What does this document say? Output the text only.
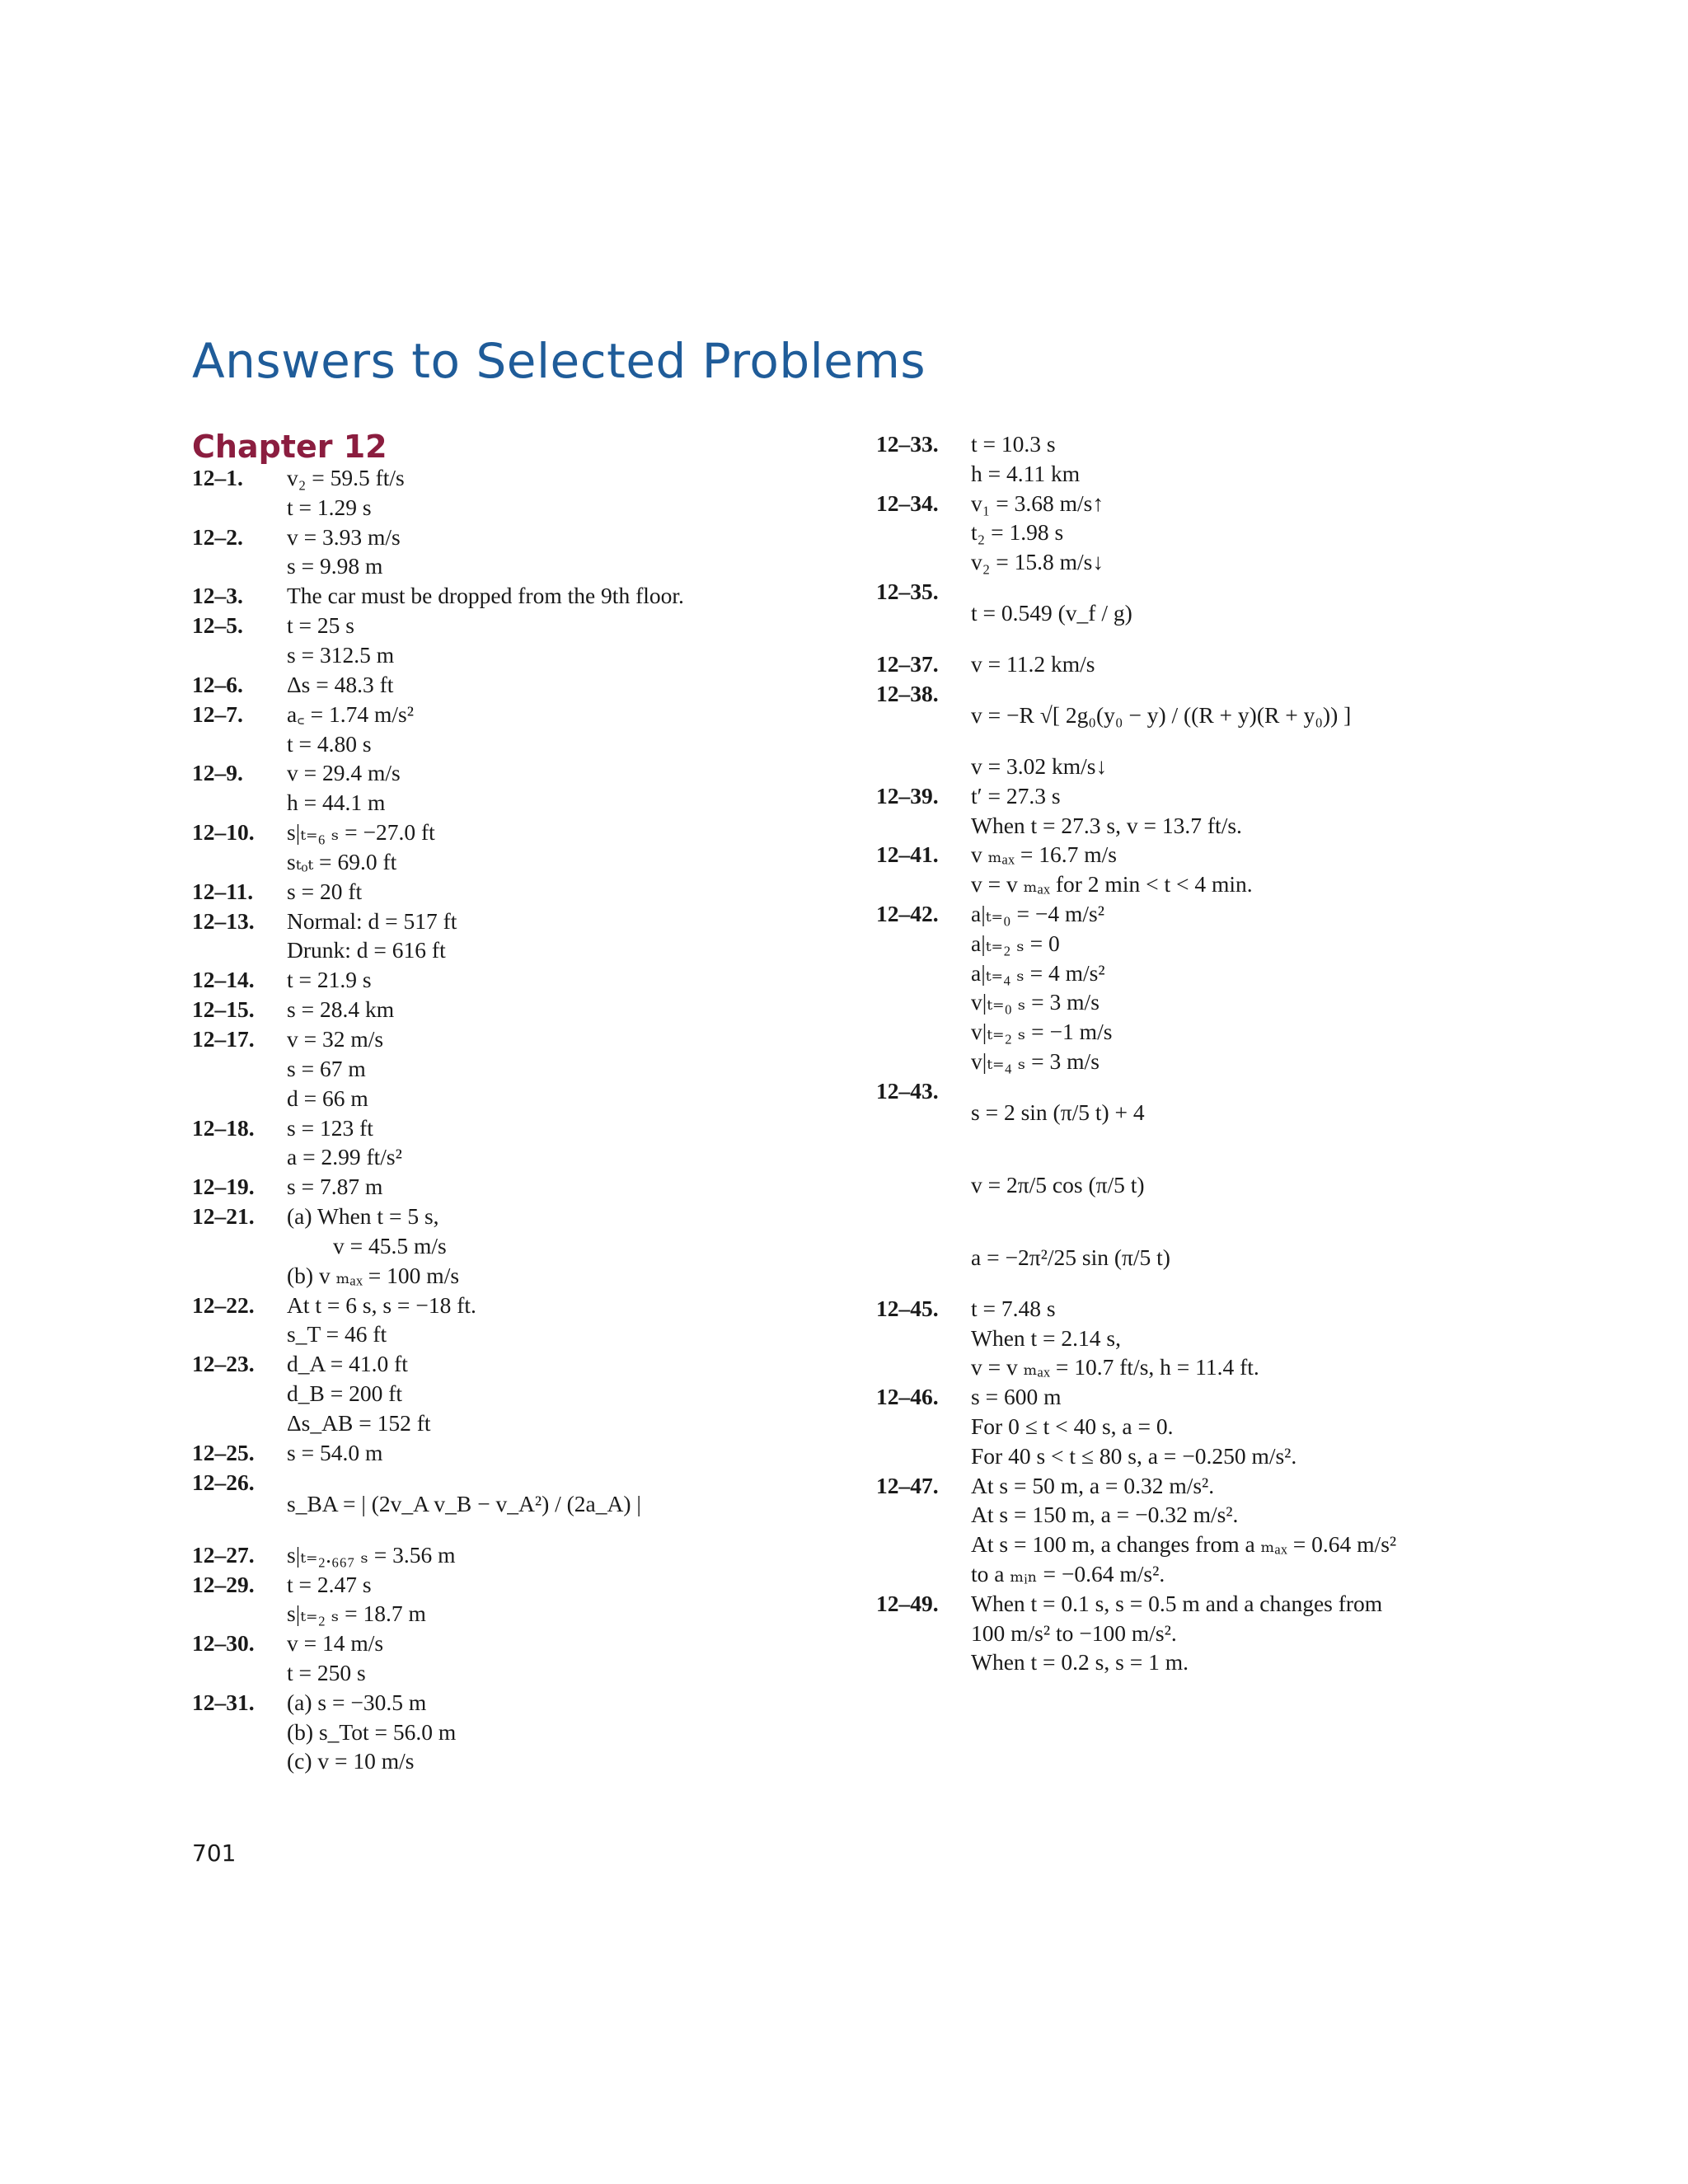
Answers to Selected Problems
Chapter 12
12–1.	v₂ = 59.5 ft/s
t = 1.29 s
12–2.	v = 3.93 m/s
s = 9.98 m
12–3.	The car must be dropped from the 9th floor.
12–5.	t = 25 s
s = 312.5 m
12–6.	Δs = 48.3 ft
12–7.	a꜀ = 1.74 m/s²
t = 4.80 s
12–9.	v = 29.4 m/s
h = 44.1 m
12–10.	s|ₜ₌₆ ₛ = −27.0 ft
sₜₒₜ = 69.0 ft
12–11.	s = 20 ft
12–13.	Normal: d = 517 ft
Drunk: d = 616 ft
12–14.	t = 21.9 s
12–15.	s = 28.4 km
12–17.	v = 32 m/s
s = 67 m
d = 66 m
12–18.	s = 123 ft
a = 2.99 ft/s²
12–19.	s = 7.87 m
12–21.	(a) When t = 5 s,
v = 45.5 m/s
(b) v ₘₐₓ = 100 m/s
12–22.	At t = 6 s, s = −18 ft.
s_T = 46 ft
12–23.	d_A = 41.0 ft
d_B = 200 ft
Δs_AB = 152 ft
12–25.	s = 54.0 m
12–26.
s_BA = | (2v_A v_B − v_A²) / (2a_A) |
12–27.	s|ₜ₌₂.₆₆₇ ₛ = 3.56 m
12–29.	t = 2.47 s
s|ₜ₌₂ ₛ = 18.7 m
12–30.	v = 14 m/s
t = 250 s
12–31.	(a) s = −30.5 m
(b) s_Tot = 56.0 m
(c) v = 10 m/s
12–33.	t = 10.3 s
h = 4.11 km
12–34.	v₁ = 3.68 m/s↑
t₂ = 1.98 s
v₂ = 15.8 m/s↓
12–35.
t = 0.549 (v_f / g)
12–37.	v = 11.2 km/s
12–38.
v = −R √[ 2g₀(y₀ − y) / ((R + y)(R + y₀)) ]
v = 3.02 km/s↓
12–39.	t′ = 27.3 s
When t = 27.3 s, v = 13.7 ft/s.
12–41.	v ₘₐₓ = 16.7 m/s
v = v ₘₐₓ for 2 min < t < 4 min.
12–42.	a|ₜ₌₀ = −4 m/s²
a|ₜ₌₂ ₛ = 0
a|ₜ₌₄ ₛ = 4 m/s²
v|ₜ₌₀ ₛ = 3 m/s
v|ₜ₌₂ ₛ = −1 m/s
v|ₜ₌₄ ₛ = 3 m/s
12–43.
s = 2 sin (π/5 t) + 4
v = 2π/5 cos (π/5 t)
a = −2π²/25 sin (π/5 t)
12–45.	t = 7.48 s
When t = 2.14 s,
v = v ₘₐₓ = 10.7 ft/s, h = 11.4 ft.
12–46.	s = 600 m
For 0 ≤ t < 40 s, a = 0.
For 40 s < t ≤ 80 s, a = −0.250 m/s².
12–47.	At s = 50 m, a = 0.32 m/s².
At s = 150 m, a = −0.32 m/s².
At s = 100 m, a changes from a ₘₐₓ = 0.64 m/s²
to a ₘᵢₙ = −0.64 m/s².
12–49.	When t = 0.1 s, s = 0.5 m and a changes from
100 m/s² to −100 m/s².
When t = 0.2 s, s = 1 m.
701
